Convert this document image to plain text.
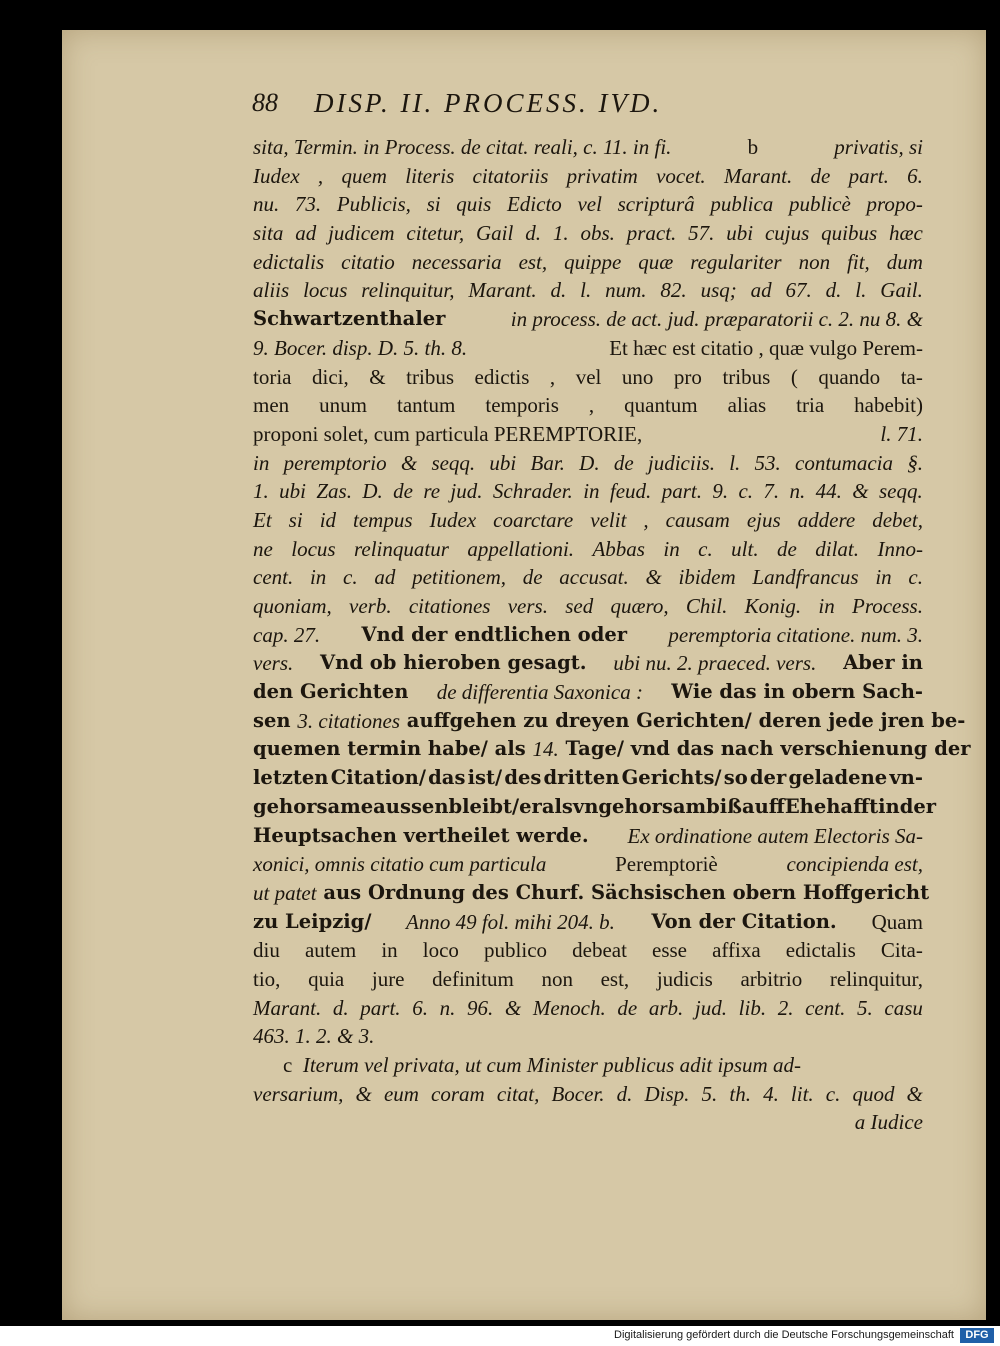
88 DISP. II. PROCESS. IVD.
sita, Termin. in Process. de citat. reali, c. 11. in fi.	b	privatis, si
Iudex , quem literis citatoriis privatim vocet. Marant. de part. 6.
nu. 73. Publicis, si quis Edicto vel scripturâ publica publicè propo-
sita ad judicem citetur, Gail d. 1. obs. pract. 57. ubi cujus quibus hæc
edictalis citatio necessaria est, quippe quæ regulariter non fit, dum
aliis locus relinquitur, Marant. d. l. num. 82. usq; ad 67. d. l. Gail.
Schwartzenthaler	in process. de act. jud. præparatorii c. 2. nu 8. &
9. Bocer. disp. D. 5. th. 8.	Et hæc est citatio , quæ vulgo Perem-
toria dici, & tribus edictis , vel uno pro tribus ( quando ta-
men unum tantum temporis , quantum alias tria habebit)
proponi solet, cum particula PEREMPTORIE,	l. 71.
in peremptorio & seqq. ubi Bar. D. de judiciis. l. 53. contumacia §.
1. ubi Zas. D. de re jud. Schrader. in feud. part. 9. c. 7. n. 44. & seqq.
Et si id tempus Iudex coarctare velit , causam ejus addere debet,
ne locus relinquatur appellationi. Abbas in c. ult. de dilat. Inno-
cent. in c. ad petitionem, de accusat. & ibidem Landfrancus in c.
quoniam, verb. citationes vers. sed quæro, Chil. Konig. in Process.
cap. 27. Vnd der endtlichen oder peremptoria citatione. num. 3.
vers. Vnd ob hieroben gesagt. ubi nu. 2. praeced. vers. Aber in
den Gerichten de differentia Saxonica : Wie das in obern Sach-
sen 3. citationes auffgehen zu dreyen Gerichten/ deren jede jren be-
quemen termin habe/ als 14. Tage/ vnd das nach verschienung der
letzten Citation/ das ist/ des dritten Gerichts/ so der geladene vn-
gehorsame aussenbleibt/ er als vngehorsam biß auff Ehehafft in der
Heuptsachen vertheilet werde. Ex ordinatione autem Electoris Sa-
xonici, omnis citatio cum particula	Peremptoriè	concipienda est,
ut patet aus Ordnung des Churf. Sächsischen obern Hoffgericht
zu Leipzig/ Anno 49 fol. mihi 204. b. Von der Citation. Quam
diu autem in loco publico debeat esse affixa edictalis Cita-
tio, quia jure definitum non est, judicis arbitrio relinquitur,
Marant. d. part. 6. n. 96. & Menoch. de arb. jud. lib. 2. cent. 5. casu
463. 1. 2. & 3.
c Iterum vel privata, ut cum Minister publicus adit ipsum ad-
versarium, & eum coram citat, Bocer. d. Disp. 5. th. 4. lit. c. quod &
a Iudice
Digitalisierung gefördert durch die Deutsche Forschungsgemeinschaft	DFG
